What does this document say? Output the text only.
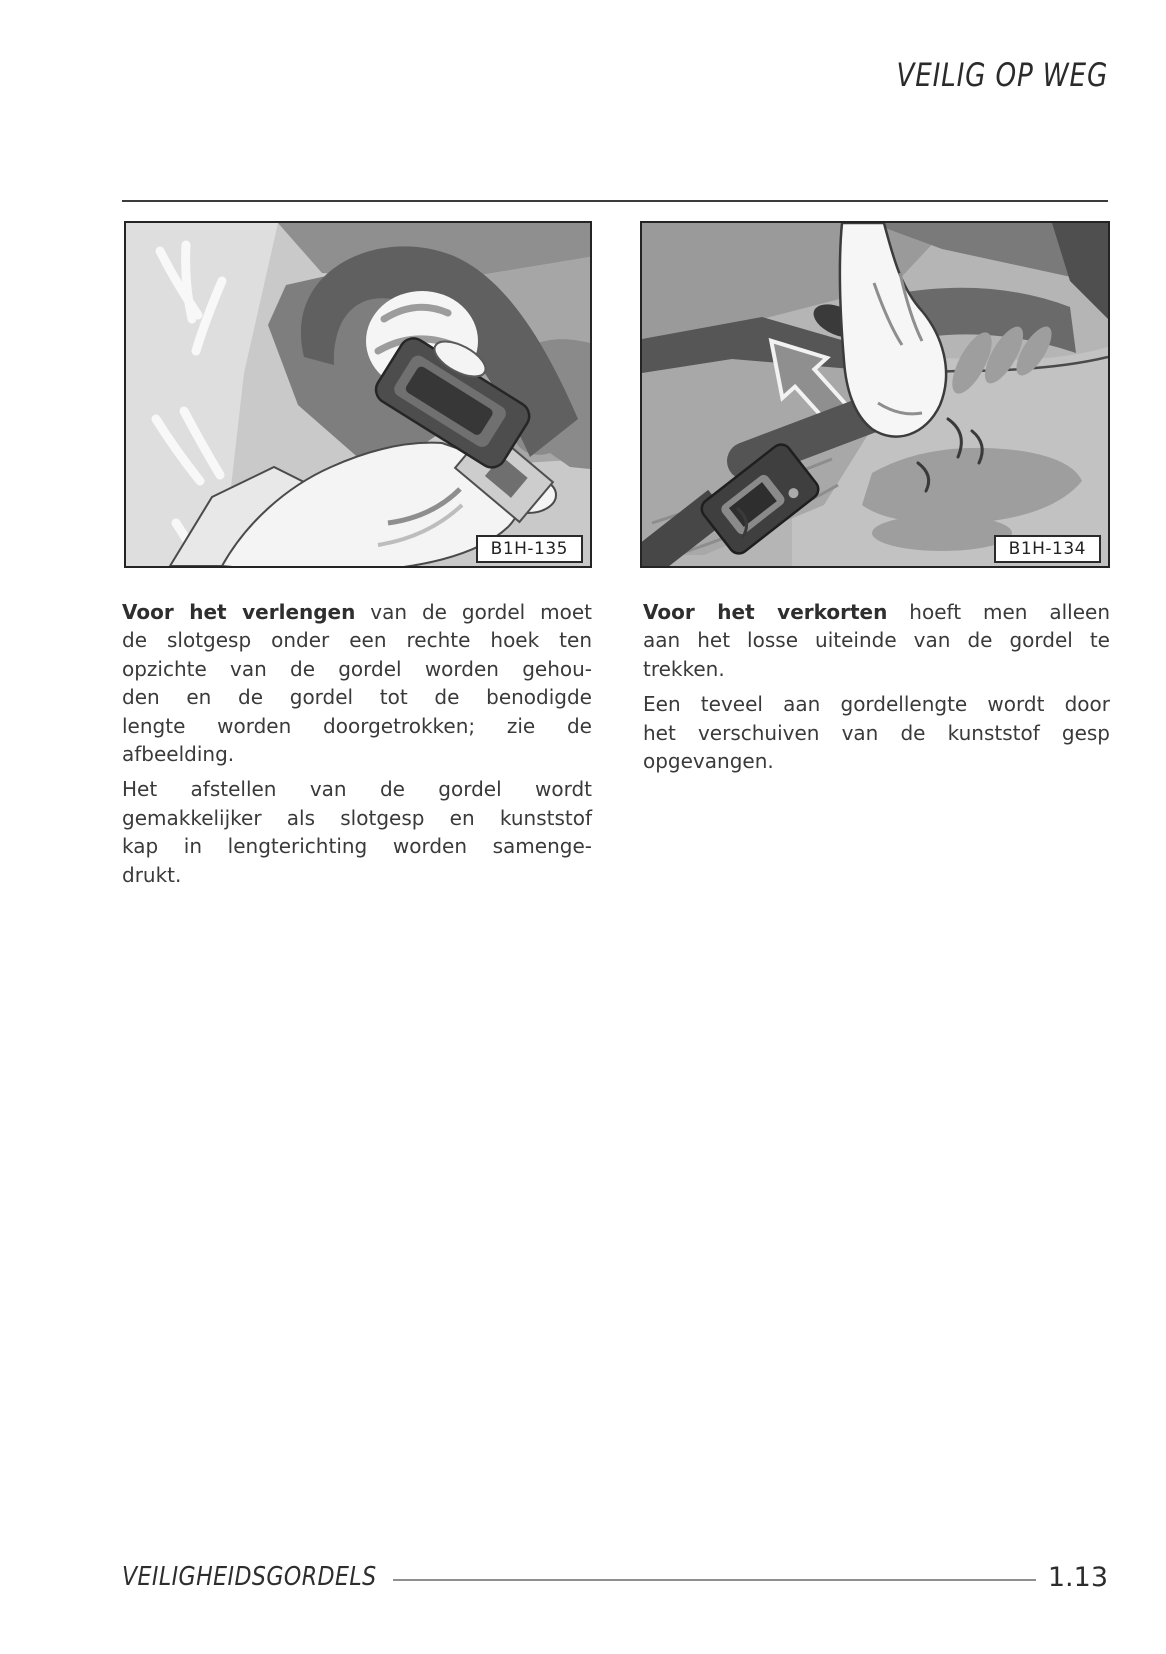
VEILIG OP WEG
B1H-135	B1H-134
Voor het verlengen van de gordel moet
de slotgesp onder een rechte hoek ten
opzichte van de gordel worden gehou-
den en de gordel tot de benodigde
lengte worden doorgetrokken; zie de
afbeelding.
Het afstellen van de gordel wordt
gemakkelijker als slotgesp en kunststof
kap in lengterichting worden samenge-
drukt.
Voor het verkorten hoeft men alleen
aan het losse uiteinde van de gordel te
trekken.
Een teveel aan gordellengte wordt door
het verschuiven van de kunststof gesp
opgevangen.
VEILIGHEIDSGORDELS	1.13
